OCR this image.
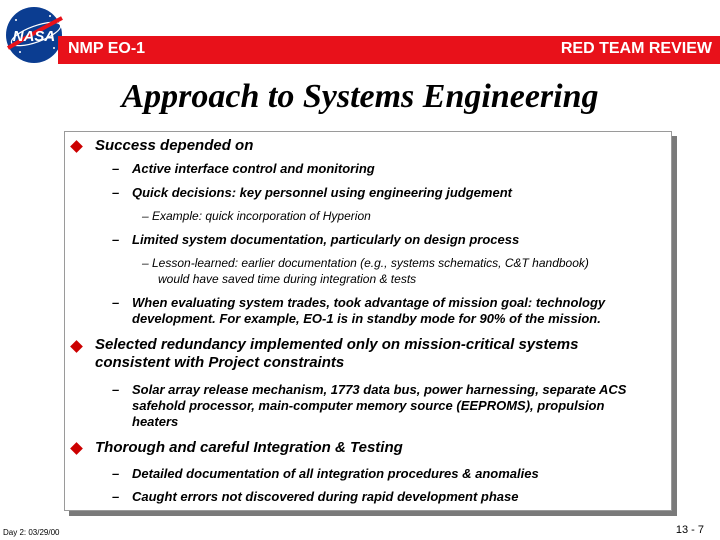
NASA
NMP EO-1	RED TEAM REVIEW
Approach to Systems Engineering
Success depended on
– Active interface control and monitoring
– Quick decisions: key personnel using engineering judgement
– Example: quick incorporation of Hyperion
– Limited system documentation, particularly on design process
– Lesson-learned: earlier documentation (e.g., systems schematics, C&T handbook) would have saved time during integration & tests
– When evaluating system trades, took advantage of mission goal: technology development. For example, EO-1 is in standby mode for 90% of the mission.
Selected redundancy implemented only on mission-critical systems consistent with Project constraints
– Solar array release mechanism, 1773 data bus, power harnessing, separate ACS safehold processor, main-computer memory source (EEPROMS), propulsion heaters
Thorough and careful Integration & Testing
– Detailed documentation of all integration procedures & anomalies
– Caught errors not discovered during rapid development phase
Day 2: 03/29/00	13 - 7
